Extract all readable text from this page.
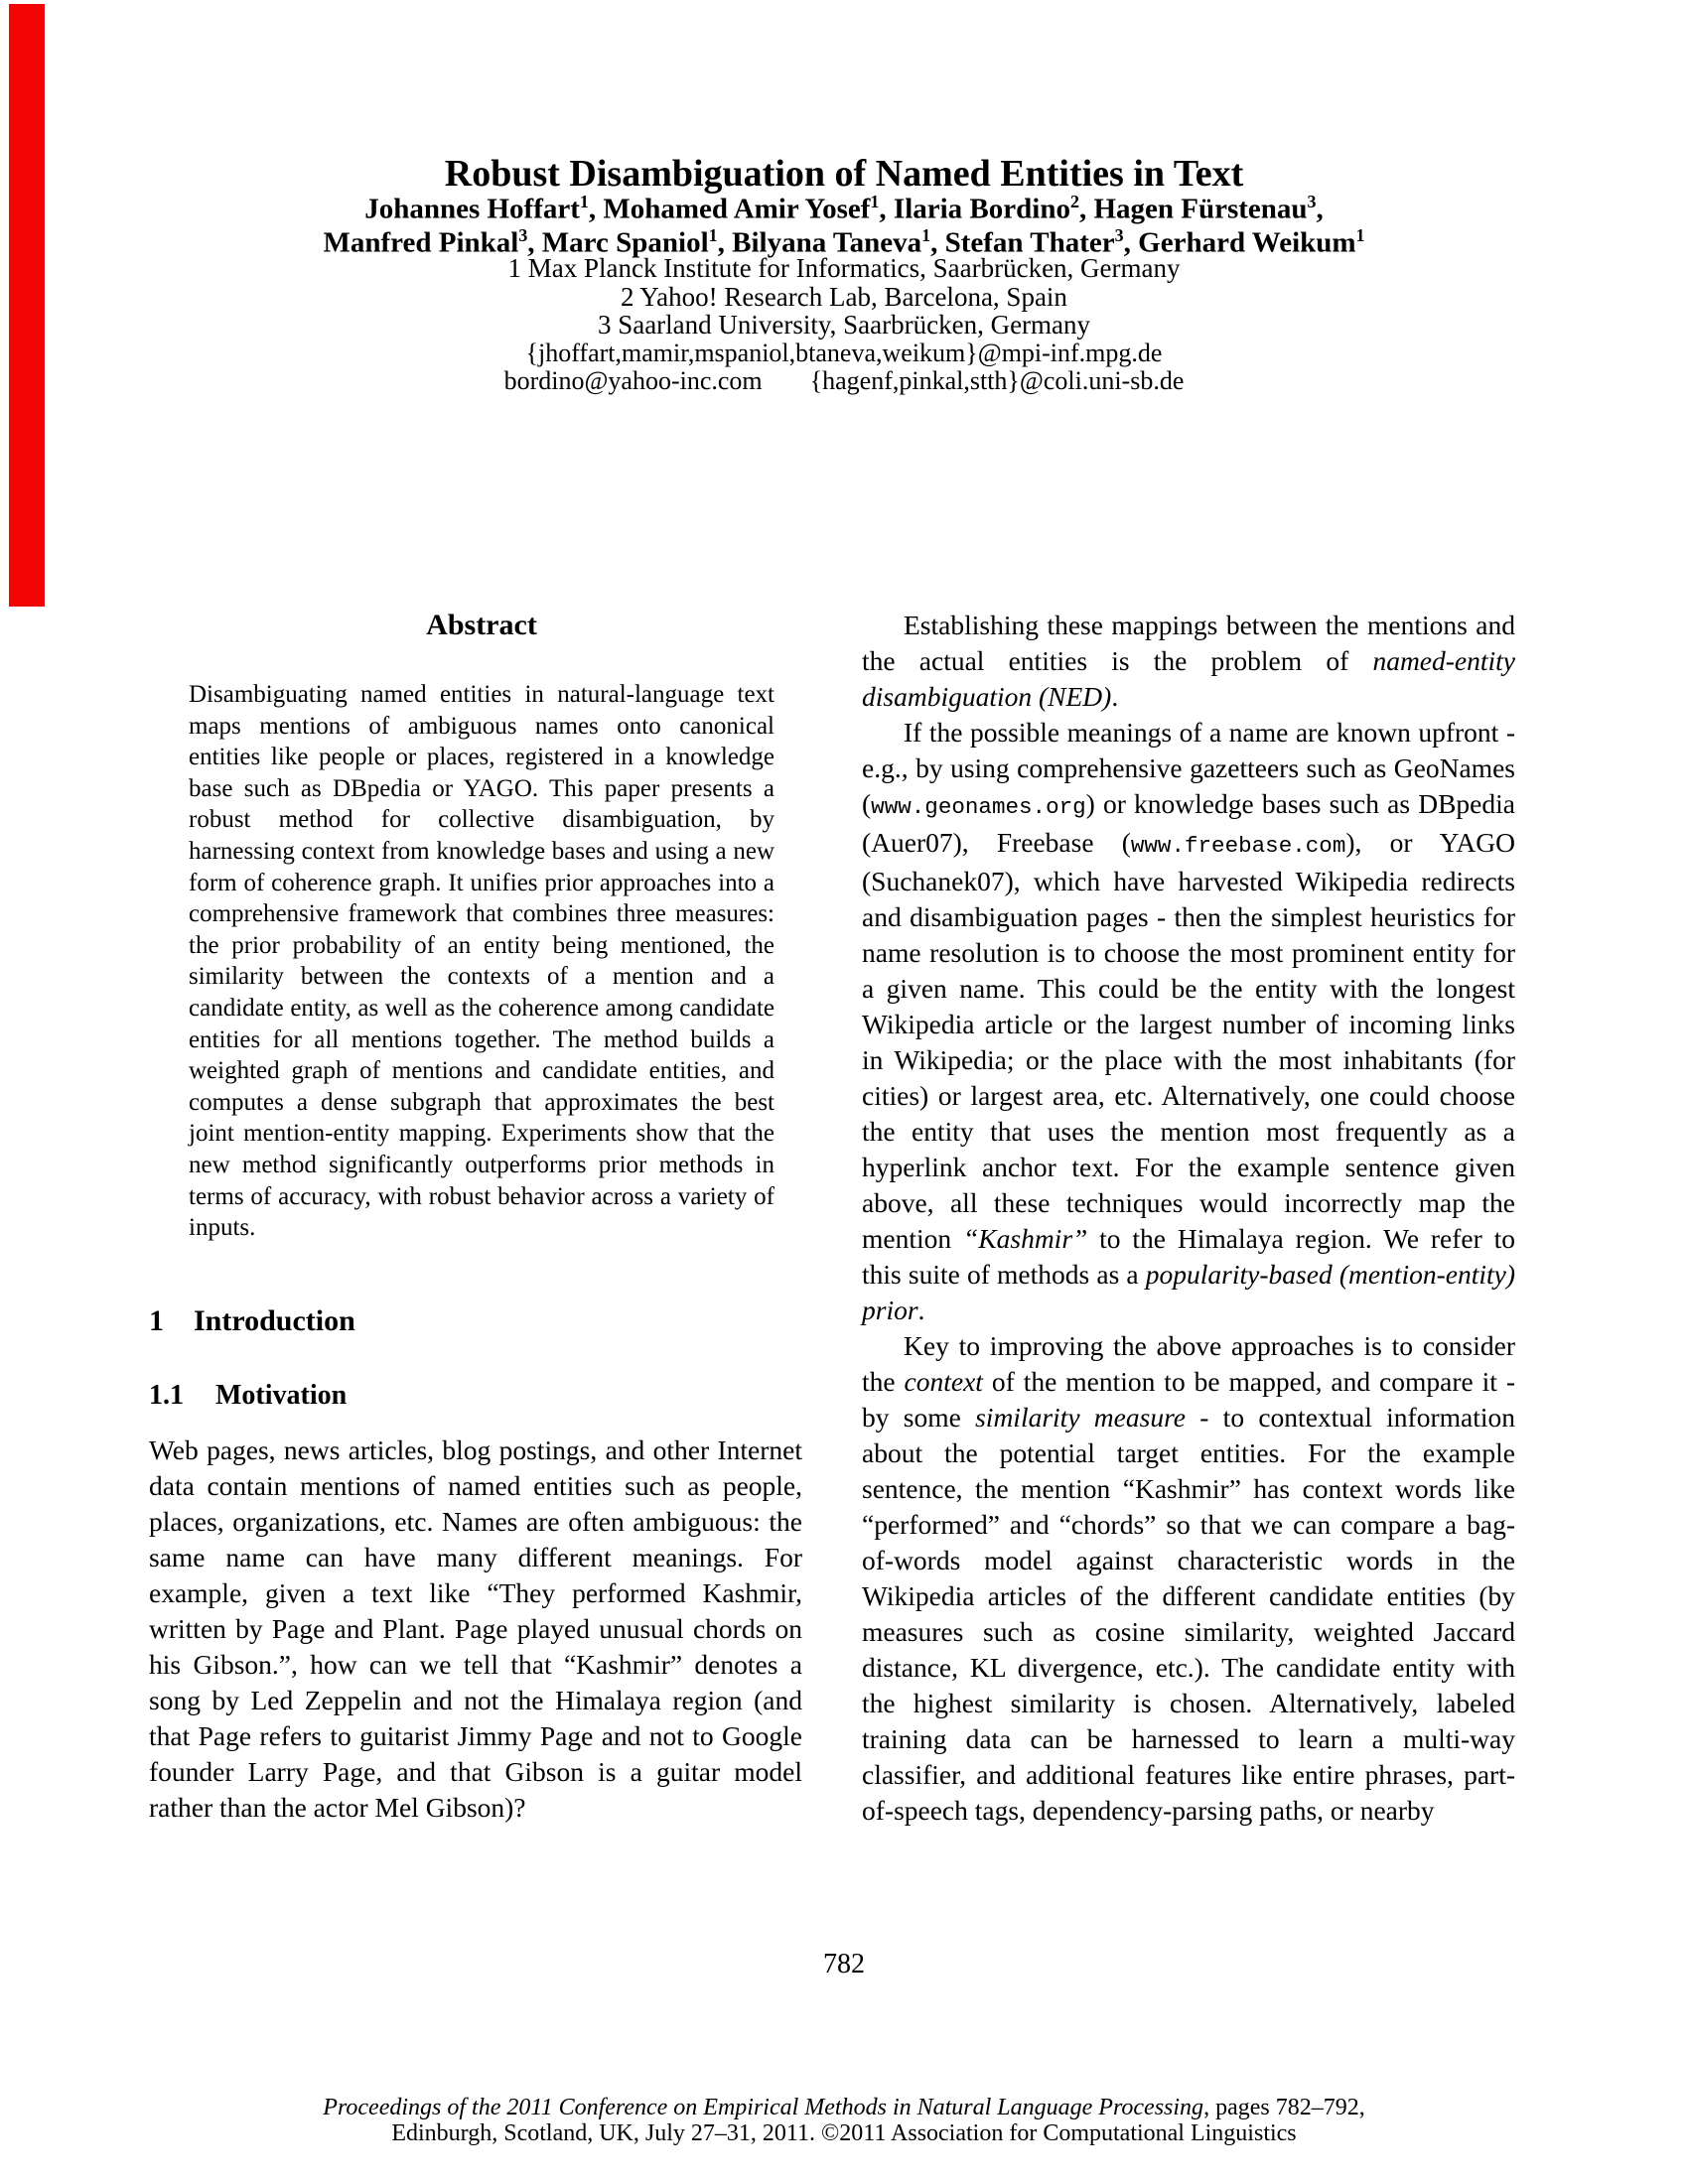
Robust Disambiguation of Named Entities in Text
Johannes Hoffart$^1$, Mohamed Amir Yosef$^1$, Ilaria Bordino$^2$, Hagen Fürstenau$^3$,
Manfred Pinkal$^3$, Marc Spaniol$^1$, Bilyana Taneva$^1$, Stefan Thater$^3$, Gerhard Weikum$^1$
1 Max Planck Institute for Informatics, Saarbrücken, Germany
2 Yahoo! Research Lab, Barcelona, Spain
3 Saarland University, Saarbrücken, Germany
{jhoffart,mamir,mspaniol,btaneva,weikum}@mpi-inf.mpg.de
bordino@yahoo-inc.com {hagenf,pinkal,stth}@coli.uni-sb.de
Abstract

Disambiguating named entities in natural-language text maps mentions of ambiguous names onto canonical entities like people or places, registered in a knowledge base such as DBpedia or YAGO. This paper presents a robust method for collective disambiguation, by harnessing context from knowledge bases and using a new form of coherence graph. It unifies prior approaches into a comprehensive framework that combines three measures: the prior probability of an entity being mentioned, the similarity between the contexts of a mention and a candidate entity, as well as the coherence among candidate entities for all mentions together. The method builds a weighted graph of mentions and candidate entities, and computes a dense subgraph that approximates the best joint mention-entity mapping. Experiments show that the new method significantly outperforms prior methods in terms of accuracy, with robust behavior across a variety of inputs.

1 Introduction
1.1 Motivation

Web pages, news articles, blog postings, and other Internet data contain mentions of named entities such as people, places, organizations, etc. Names are often ambiguous: the same name can have many different meanings. For example, given a text like “They performed Kashmir, written by Page and Plant. Page played unusual chords on his Gibson.”, how can we tell that “Kashmir” denotes a song by Led Zeppelin and not the Himalaya region (and that Page refers to guitarist Jimmy Page and not to Google founder Larry Page, and that Gibson is a guitar model rather than the actor Mel Gibson)?

Establishing these mappings between the mentions and the actual entities is the problem of named-entity disambiguation (NED).

If the possible meanings of a name are known upfront - e.g., by using comprehensive gazetteers such as GeoNames (www.geonames.org) or knowledge bases such as DBpedia (Auer07), Freebase (www.freebase.com), or YAGO (Suchanek07), which have harvested Wikipedia redirects and disambiguation pages - then the simplest heuristics for name resolution is to choose the most prominent entity for a given name. This could be the entity with the longest Wikipedia article or the largest number of incoming links in Wikipedia; or the place with the most inhabitants (for cities) or largest area, etc. Alternatively, one could choose the entity that uses the mention most frequently as a hyperlink anchor text. For the example sentence given above, all these techniques would incorrectly map the mention “Kashmir” to the Himalaya region. We refer to this suite of methods as a popularity-based (mention-entity) prior.

Key to improving the above approaches is to consider the context of the mention to be mapped, and compare it - by some similarity measure - to contextual information about the potential target entities. For the example sentence, the mention “Kashmir” has context words like “performed” and “chords” so that we can compare a bag-of-words model against characteristic words in the Wikipedia articles of the different candidate entities (by measures such as cosine similarity, weighted Jaccard distance, KL divergence, etc.). The candidate entity with the highest similarity is chosen. Alternatively, labeled training data can be harnessed to learn a multi-way classifier, and additional features like entire phrases, part-of-speech tags, dependency-parsing paths, or nearby

782
Proceedings of the 2011 Conference on Empirical Methods in Natural Language Processing, pages 782–792,
Edinburgh, Scotland, UK, July 27–31, 2011. ©2011 Association for Computational Linguistics
